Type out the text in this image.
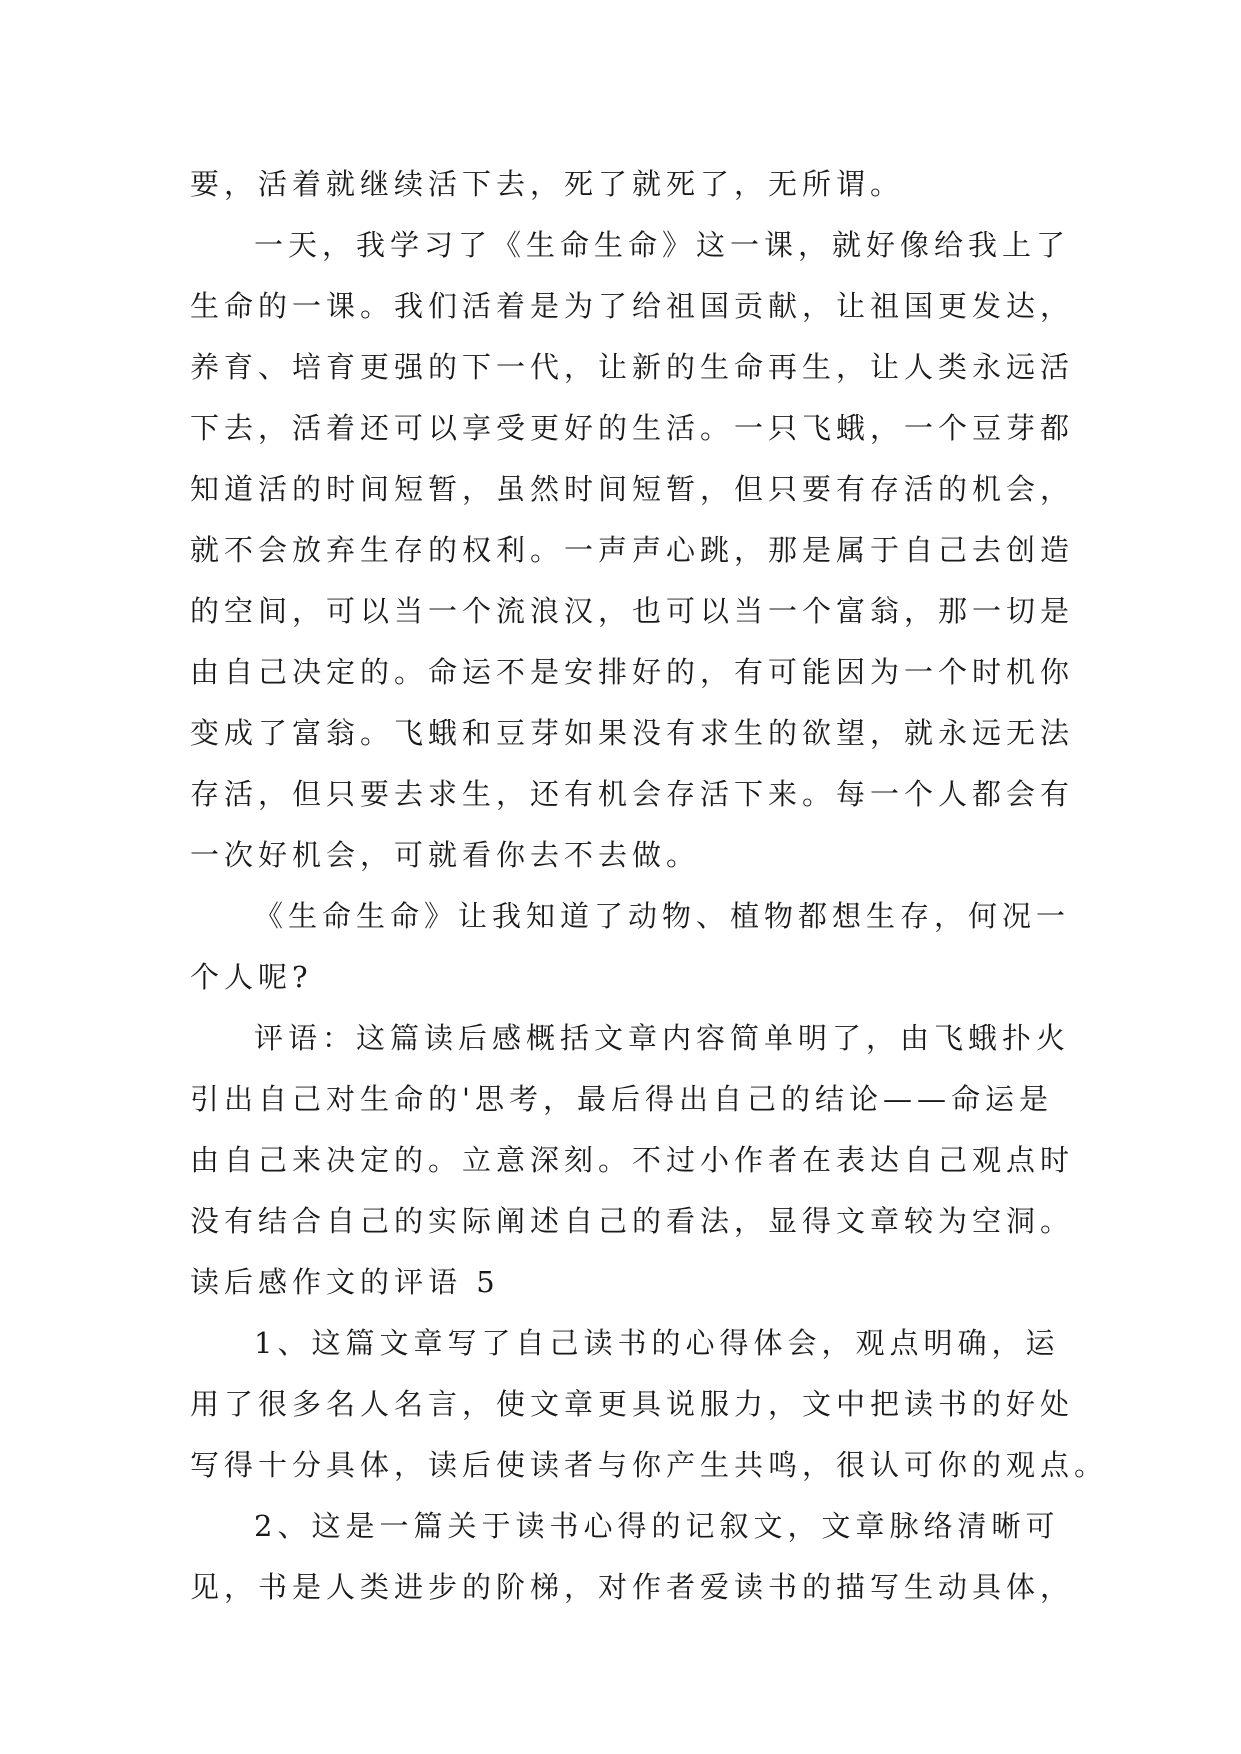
要，活着就继续活下去，死了就死了，无所谓。
一天，我学习了《生命生命》这一课，就好像给我上了
生命的一课。我们活着是为了给祖国贡献，让祖国更发达，
养育、培育更强的下一代，让新的生命再生，让人类永远活
下去，活着还可以享受更好的生活。一只飞蛾，一个豆芽都
知道活的时间短暂，虽然时间短暂，但只要有存活的机会，
就不会放弃生存的权利。一声声心跳，那是属于自己去创造
的空间，可以当一个流浪汉，也可以当一个富翁，那一切是
由自己决定的。命运不是安排好的，有可能因为一个时机你
变成了富翁。飞蛾和豆芽如果没有求生的欲望，就永远无法
存活，但只要去求生，还有机会存活下来。每一个人都会有
一次好机会，可就看你去不去做。
《生命生命》让我知道了动物、植物都想生存，何况一
个人呢?
评语：这篇读后感概括文章内容简单明了，由飞蛾扑火
引出自己对生命的'思考，最后得出自己的结论——命运是
由自己来决定的。立意深刻。不过小作者在表达自己观点时
没有结合自己的实际阐述自己的看法，显得文章较为空洞。
读后感作文的评语 5
1、这篇文章写了自己读书的心得体会，观点明确，运
用了很多名人名言，使文章更具说服力，文中把读书的好处
写得十分具体，读后使读者与你产生共鸣，很认可你的观点。
2、这是一篇关于读书心得的记叙文，文章脉络清晰可
见，书是人类进步的阶梯，对作者爱读书的描写生动具体，
